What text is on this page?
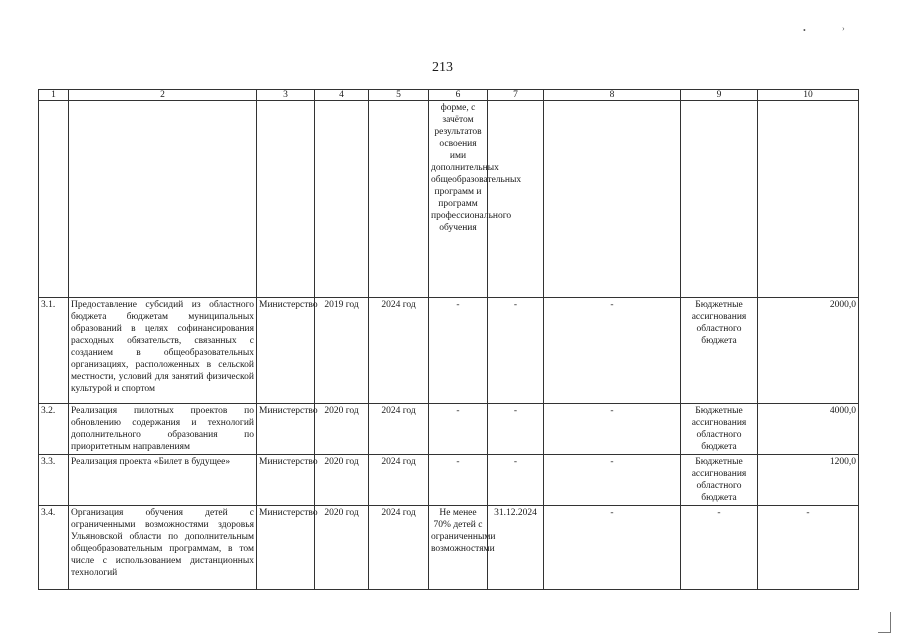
213
•	›
1	2	3	4	5	6	7	8	9	10
					форме, с зачётом результатов освоения ими дополнительных общеобразовательных программ и программ профессионального обучения				
3.1.	Предоставление субсидий из областного бюджета бюджетам муниципальных образований в целях софинансирования расходных обязательств, связанных с созданием в общеобразовательных организациях, расположенных в сельской местности, условий для занятий физической культурой и спортом	Министерство	2019 год	2024 год	-	-	-	Бюджетные ассигнования областного бюджета	2000,0
3.2.	Реализация пилотных проектов по обновлению содержания и технологий дополнительного образования по приоритетным направлениям	Министерство	2020 год	2024 год	-	-	-	Бюджетные ассигнования областного бюджета	4000,0
3.3.	Реализация проекта «Билет в будущее»	Министерство	2020 год	2024 год	-	-	-	Бюджетные ассигнования областного бюджета	1200,0
3.4.	Организация обучения детей с ограниченными возможностями здоровья Ульяновской области по дополнительным общеобразовательным программам, в том числе с использованием дистанционных технологий	Министерство	2020 год	2024 год	Не менее 70% детей с ограниченными возможностями	31.12.2024	-	-	-
